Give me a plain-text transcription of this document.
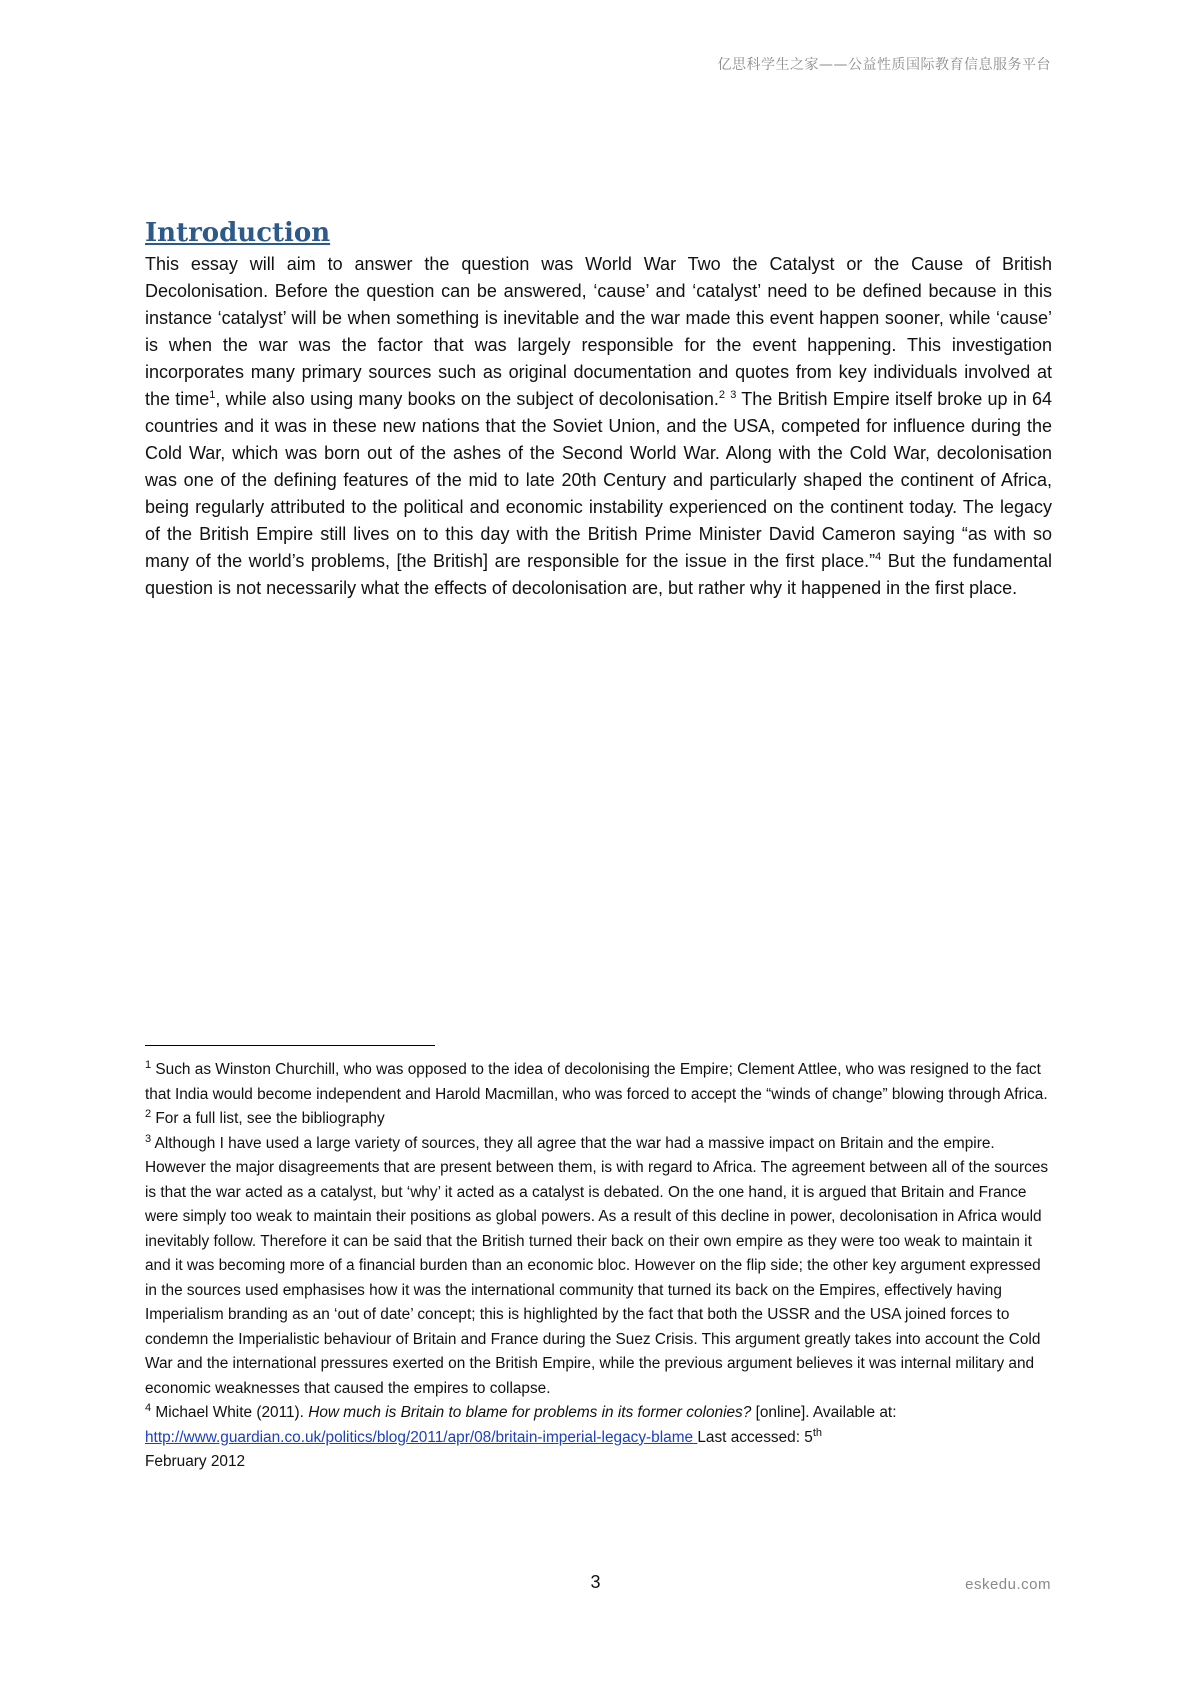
亿思科学生之家——公益性质国际教育信息服务平台
Introduction

This essay will aim to answer the question was World War Two the Catalyst or the Cause of British Decolonisation. Before the question can be answered, ‘cause’ and ‘catalyst’ need to be defined because in this instance ‘catalyst’ will be when something is inevitable and the war made this event happen sooner, while ‘cause’ is when the war was the factor that was largely responsible for the event happening. This investigation incorporates many primary sources such as original documentation and quotes from key individuals involved at the time$^1$, while also using many books on the subject of decolonisation.$^2$ $^3$ The British Empire itself broke up in 64 countries and it was in these new nations that the Soviet Union, and the USA, competed for influence during the Cold War, which was born out of the ashes of the Second World War. Along with the Cold War, decolonisation was one of the defining features of the mid to late 20th Century and particularly shaped the continent of Africa, being regularly attributed to the political and economic instability experienced on the continent today. The legacy of the British Empire still lives on to this day with the British Prime Minister David Cameron saying “as with so many of the world’s problems, [the British] are responsible for the issue in the first place.”$^4$ But the fundamental question is not necessarily what the effects of decolonisation are, but rather why it happened in the first place.

$^1$ Such as Winston Churchill, who was opposed to the idea of decolonising the Empire; Clement Attlee, who was resigned to the fact that India would become independent and Harold Macmillan, who was forced to accept the “winds of change” blowing through Africa.

$^2$ For a full list, see the bibliography

$^3$ Although I have used a large variety of sources, they all agree that the war had a massive impact on Britain and the empire. However the major disagreements that are present between them, is with regard to Africa. The agreement between all of the sources is that the war acted as a catalyst, but ‘why’ it acted as a catalyst is debated. On the one hand, it is argued that Britain and France were simply too weak to maintain their positions as global powers. As a result of this decline in power, decolonisation in Africa would inevitably follow. Therefore it can be said that the British turned their back on their own empire as they were too weak to maintain it and it was becoming more of a financial burden than an economic bloc. However on the flip side; the other key argument expressed in the sources used emphasises how it was the international community that turned its back on the Empires, effectively having Imperialism branding as an ‘out of date’ concept; this is highlighted by the fact that both the USSR and the USA joined forces to condemn the Imperialistic behaviour of Britain and France during the Suez Crisis. This argument greatly takes into account the Cold War and the international pressures exerted on the British Empire, while the previous argument believes it was internal military and economic weaknesses that caused the empires to collapse.

$^4$ Michael White (2011). How much is Britain to blame for problems in its former colonies? [online]. Available at: http://www.guardian.co.uk/politics/blog/2011/apr/08/britain-imperial-legacy-blame Last accessed: 5th
February 2012

3	eskedu.com
